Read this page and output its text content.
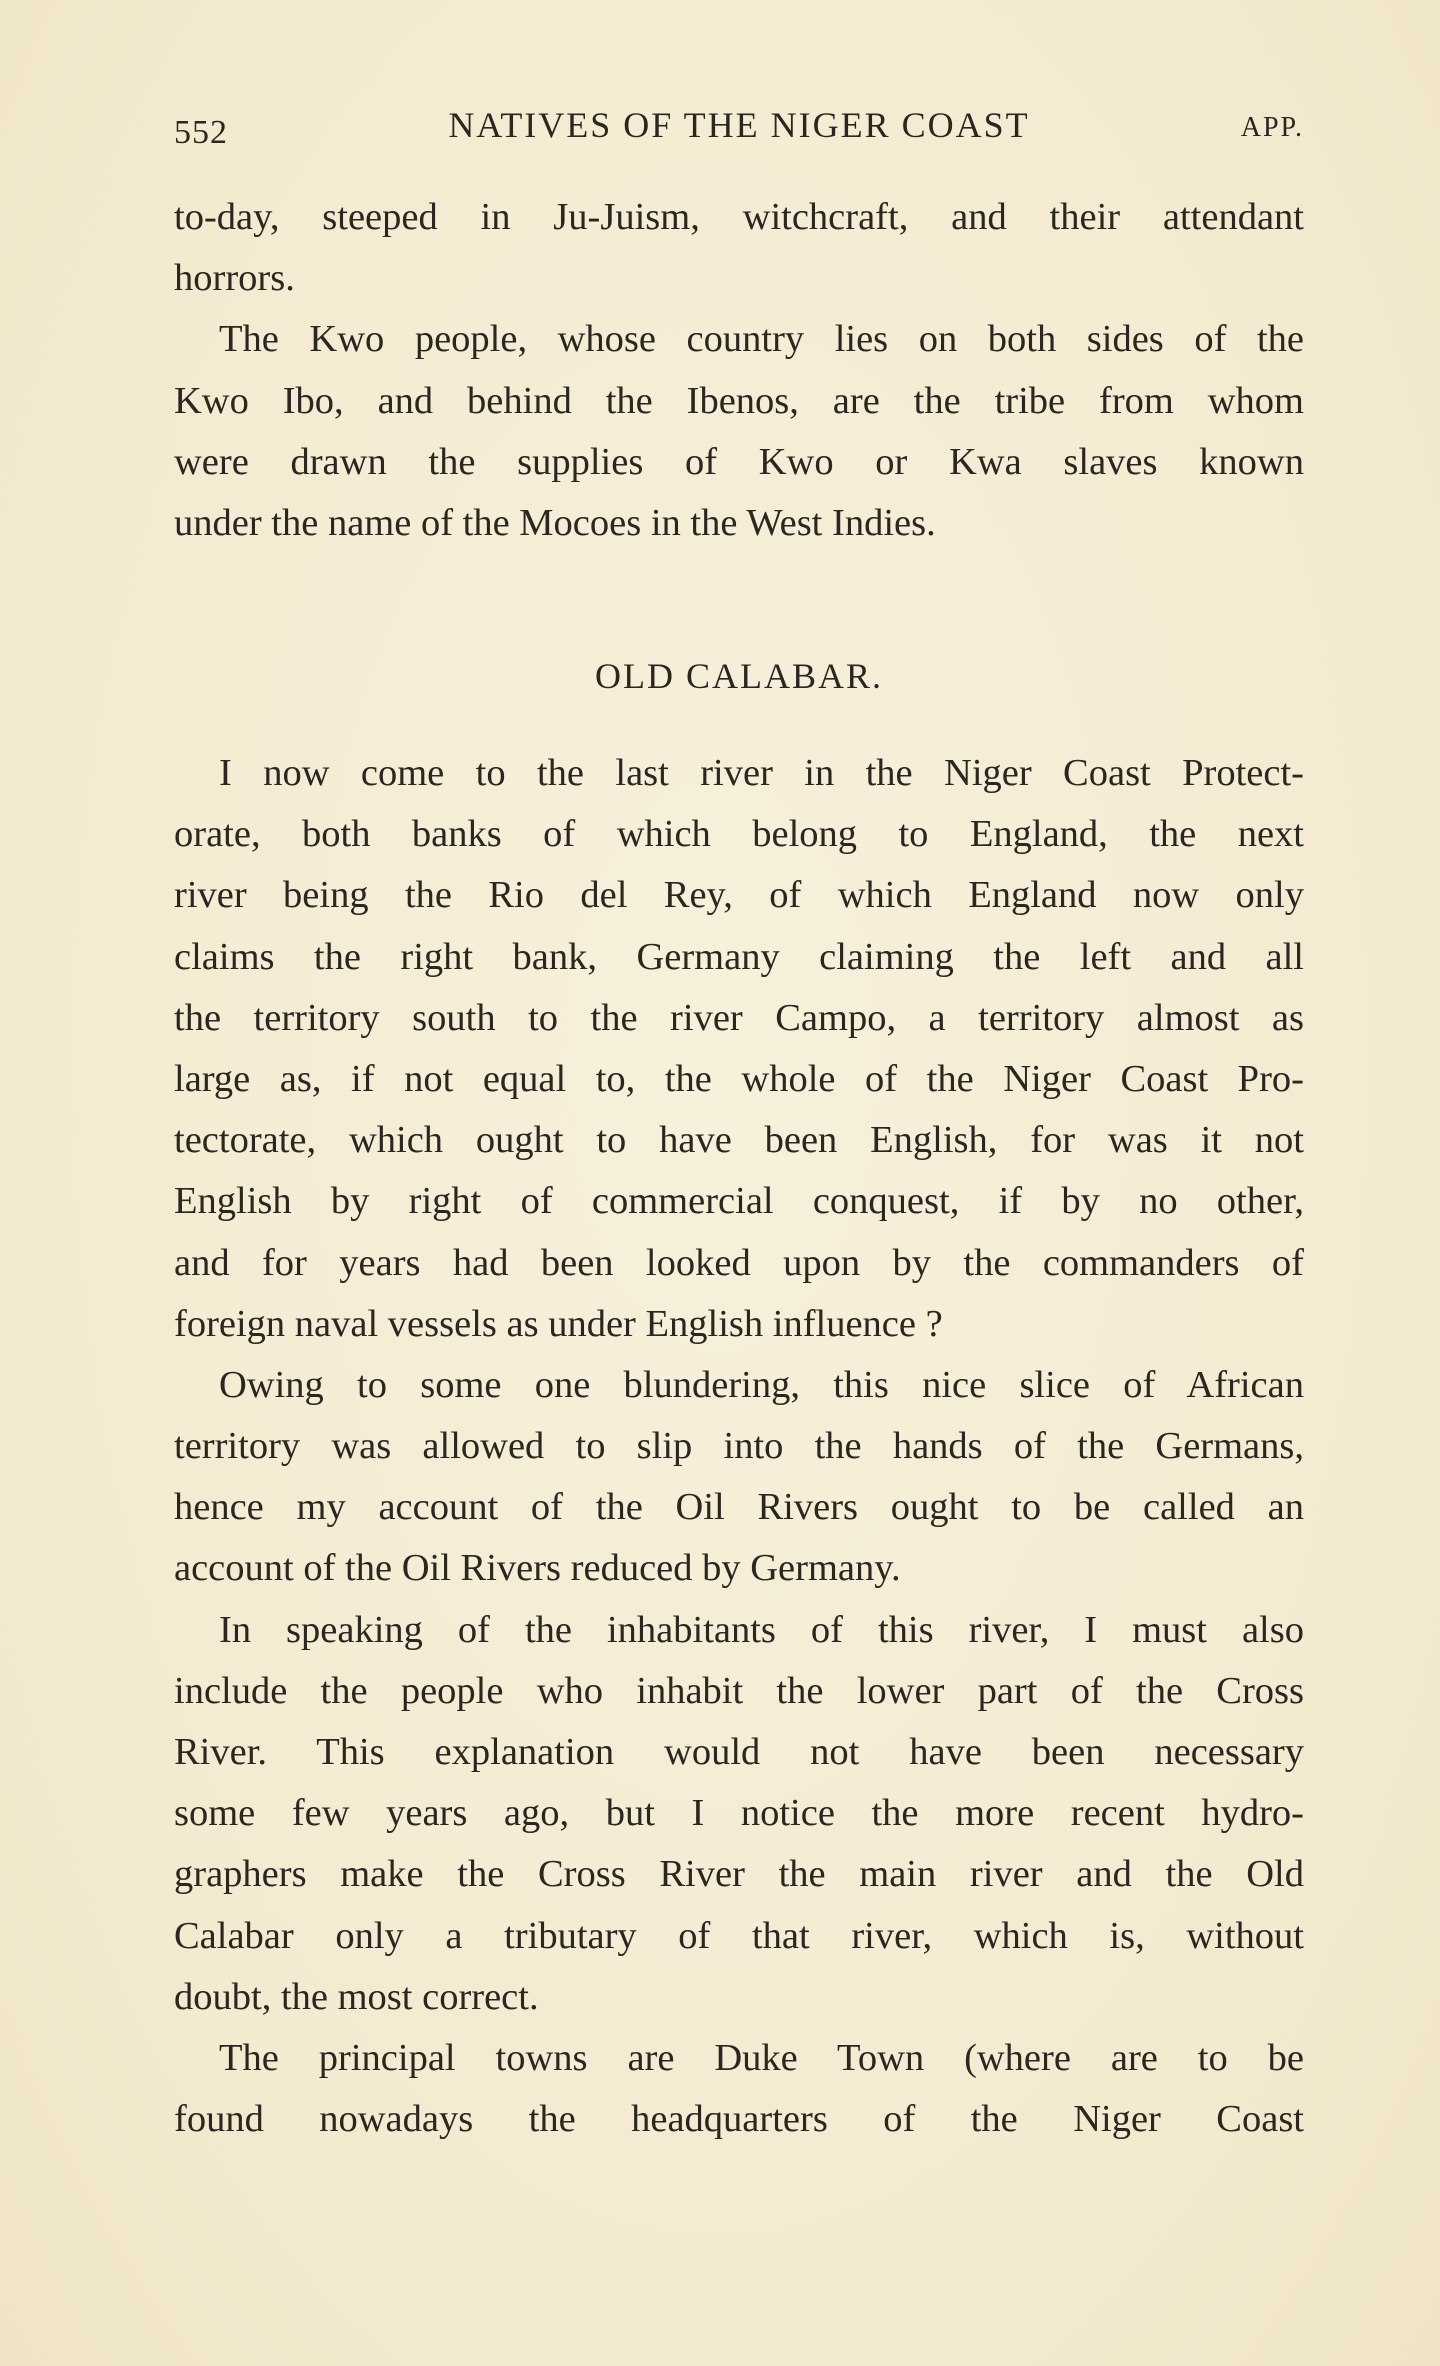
552	NATIVES OF THE NIGER COAST	APP.
to-day, steeped in Ju-Juism, witchcraft, and their attendant
horrors.
The Kwo people, whose country lies on both sides of the
Kwo Ibo, and behind the Ibenos, are the tribe from whom
were drawn the supplies of Kwo or Kwa slaves known
under the name of the Mocoes in the West Indies.
OLD CALABAR.
I now come to the last river in the Niger Coast Protect-
orate, both banks of which belong to England, the next
river being the Rio del Rey, of which England now only
claims the right bank, Germany claiming the left and all
the territory south to the river Campo, a territory almost as
large as, if not equal to, the whole of the Niger Coast Pro-
tectorate, which ought to have been English, for was it not
English by right of commercial conquest, if by no other,
and for years had been looked upon by the commanders of
foreign naval vessels as under English influence ?
Owing to some one blundering, this nice slice of African
territory was allowed to slip into the hands of the Germans,
hence my account of the Oil Rivers ought to be called an
account of the Oil Rivers reduced by Germany.
In speaking of the inhabitants of this river, I must also
include the people who inhabit the lower part of the Cross
River. This explanation would not have been necessary
some few years ago, but I notice the more recent hydro-
graphers make the Cross River the main river and the Old
Calabar only a tributary of that river, which is, without
doubt, the most correct.
The principal towns are Duke Town (where are to be
found nowadays the headquarters of the Niger Coast
